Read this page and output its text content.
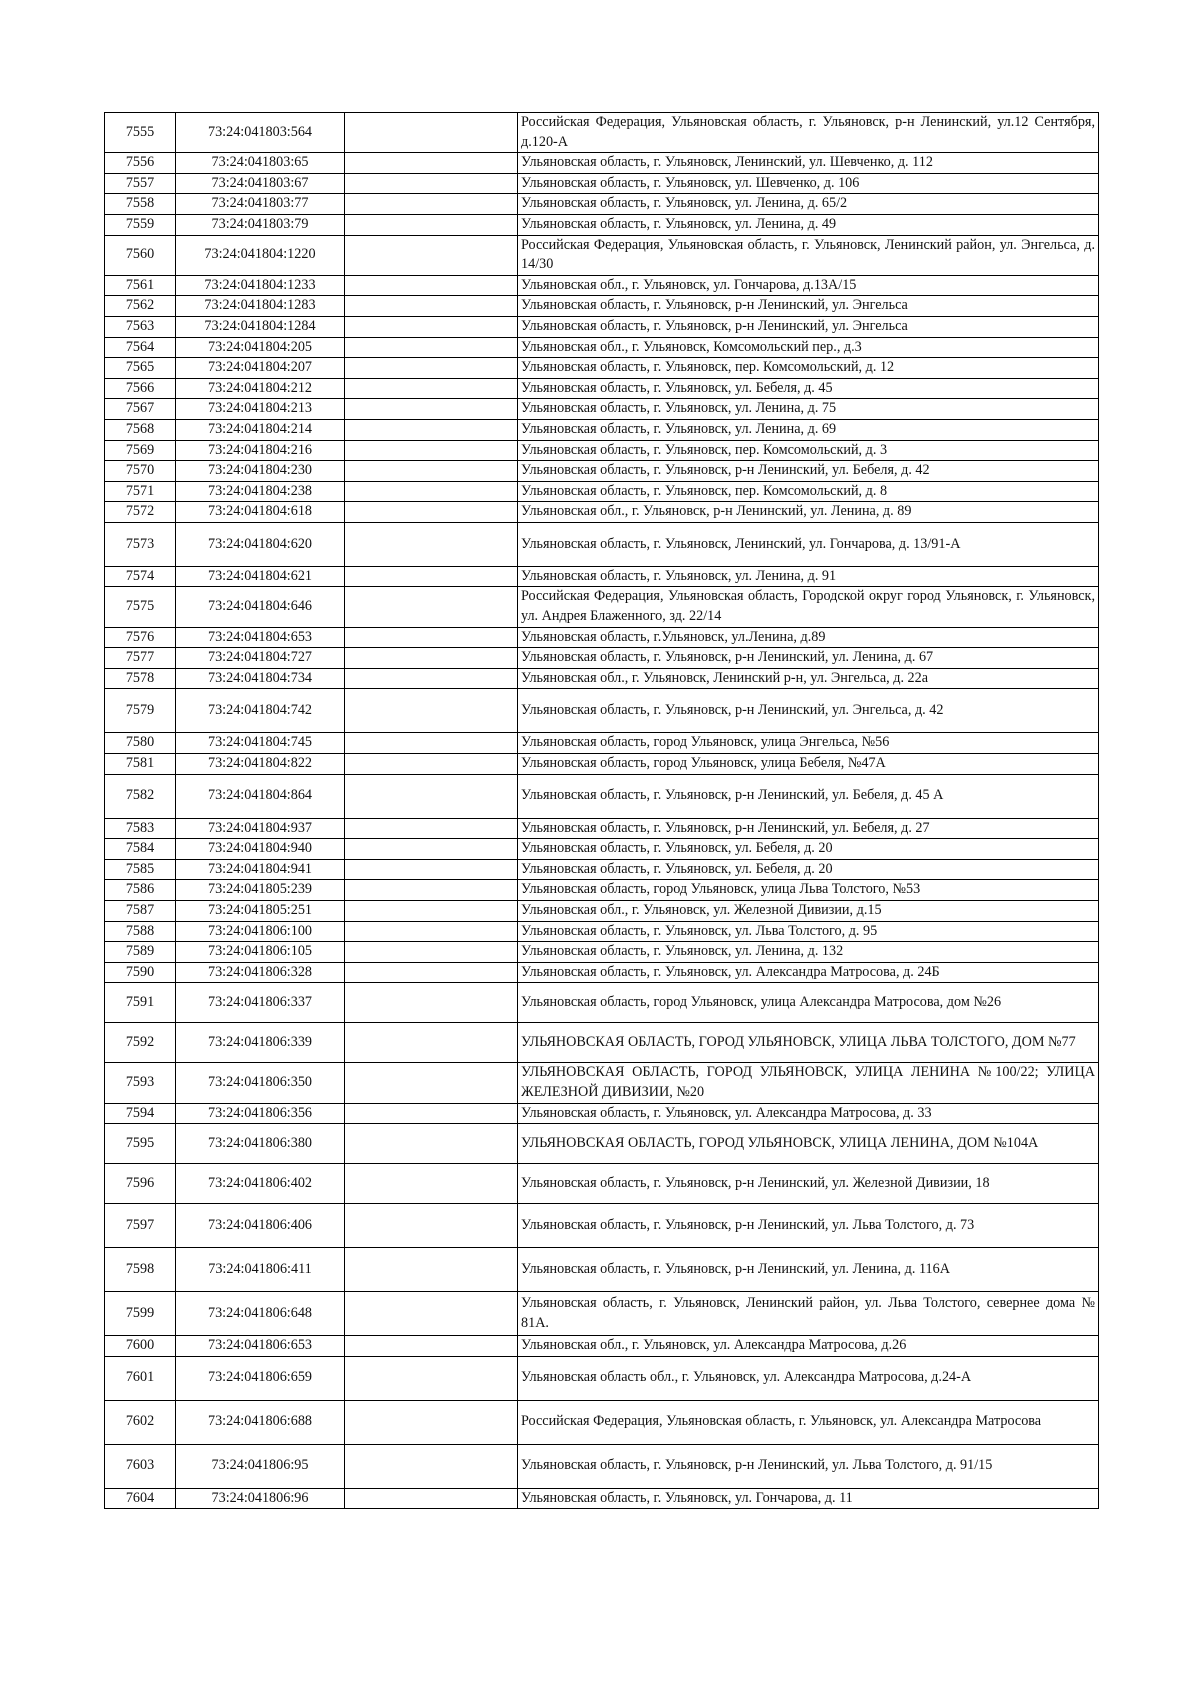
7555	73:24:041803:564		Российская Федерация, Ульяновская область, г. Ульяновск, р-н Ленинский, ул.12 Сентября, д.120-А
7556	73:24:041803:65		Ульяновская область, г. Ульяновск, Ленинский, ул. Шевченко, д. 112
7557	73:24:041803:67		Ульяновская область, г. Ульяновск, ул. Шевченко, д. 106
7558	73:24:041803:77		Ульяновская область, г. Ульяновск, ул. Ленина, д. 65/2
7559	73:24:041803:79		Ульяновская область, г. Ульяновск, ул. Ленина, д. 49
7560	73:24:041804:1220		Российская Федерация, Ульяновская область, г. Ульяновск, Ленинский район, ул. Энгельса, д. 14/30
7561	73:24:041804:1233		Ульяновская обл., г. Ульяновск, ул. Гончарова, д.13А/15
7562	73:24:041804:1283		Ульяновская область, г. Ульяновск, р-н Ленинский, ул. Энгельса
7563	73:24:041804:1284		Ульяновская область, г. Ульяновск, р-н Ленинский, ул. Энгельса
7564	73:24:041804:205		Ульяновская обл., г. Ульяновск, Комсомольский пер., д.3
7565	73:24:041804:207		Ульяновская область, г. Ульяновск, пер. Комсомольский, д. 12
7566	73:24:041804:212		Ульяновская область, г. Ульяновск, ул. Бебеля, д. 45
7567	73:24:041804:213		Ульяновская область, г. Ульяновск, ул. Ленина, д. 75
7568	73:24:041804:214		Ульяновская область, г. Ульяновск, ул. Ленина, д. 69
7569	73:24:041804:216		Ульяновская область, г. Ульяновск, пер. Комсомольский, д. 3
7570	73:24:041804:230		Ульяновская область, г. Ульяновск, р-н Ленинский, ул. Бебеля, д. 42
7571	73:24:041804:238		Ульяновская область, г. Ульяновск, пер. Комсомольский, д. 8
7572	73:24:041804:618		Ульяновская обл., г. Ульяновск, р-н Ленинский, ул. Ленина, д. 89
7573	73:24:041804:620		Ульяновская область, г. Ульяновск, Ленинский, ул. Гончарова, д. 13/91-А
7574	73:24:041804:621		Ульяновская область, г. Ульяновск, ул. Ленина, д. 91
7575	73:24:041804:646		Российская Федерация, Ульяновская область, Городской округ город Ульяновск, г. Ульяновск, ул. Андрея Блаженного, зд. 22/14
7576	73:24:041804:653		Ульяновская область, г.Ульяновск, ул.Ленина, д.89
7577	73:24:041804:727		Ульяновская область, г. Ульяновск, р-н Ленинский, ул. Ленина, д. 67
7578	73:24:041804:734		Ульяновская обл., г. Ульяновск, Ленинский р-н, ул. Энгельса, д. 22а
7579	73:24:041804:742		Ульяновская область, г. Ульяновск, р-н Ленинский, ул. Энгельса, д. 42
7580	73:24:041804:745		Ульяновская область, город Ульяновск, улица Энгельса, №56
7581	73:24:041804:822		Ульяновская область, город Ульяновск, улица Бебеля, №47А
7582	73:24:041804:864		Ульяновская область, г. Ульяновск, р-н Ленинский, ул. Бебеля, д. 45 А
7583	73:24:041804:937		Ульяновская область, г. Ульяновск, р-н Ленинский, ул. Бебеля, д. 27
7584	73:24:041804:940		Ульяновская область, г. Ульяновск, ул. Бебеля, д. 20
7585	73:24:041804:941		Ульяновская область, г. Ульяновск, ул. Бебеля, д. 20
7586	73:24:041805:239		Ульяновская область, город Ульяновск, улица Льва Толстого, №53
7587	73:24:041805:251		Ульяновская обл., г. Ульяновск, ул. Железной Дивизии, д.15
7588	73:24:041806:100		Ульяновская область, г. Ульяновск, ул. Льва Толстого, д. 95
7589	73:24:041806:105		Ульяновская область, г. Ульяновск, ул. Ленина, д. 132
7590	73:24:041806:328		Ульяновская область, г. Ульяновск, ул. Александра Матросова, д. 24Б
7591	73:24:041806:337		Ульяновская область, город Ульяновск, улица Александра Матросова, дом №26
7592	73:24:041806:339		УЛЬЯНОВСКАЯ ОБЛАСТЬ, ГОРОД УЛЬЯНОВСК, УЛИЦА ЛЬВА ТОЛСТОГО, ДОМ №77
7593	73:24:041806:350		УЛЬЯНОВСКАЯ ОБЛАСТЬ, ГОРОД УЛЬЯНОВСК, УЛИЦА ЛЕНИНА №100/22; УЛИЦА ЖЕЛЕЗНОЙ ДИВИЗИИ, №20
7594	73:24:041806:356		Ульяновская область, г. Ульяновск, ул. Александра Матросова, д. 33
7595	73:24:041806:380		УЛЬЯНОВСКАЯ ОБЛАСТЬ, ГОРОД УЛЬЯНОВСК, УЛИЦА ЛЕНИНА, ДОМ №104А
7596	73:24:041806:402		Ульяновская область, г. Ульяновск, р-н Ленинский, ул. Железной Дивизии, 18
7597	73:24:041806:406		Ульяновская область, г. Ульяновск, р-н Ленинский, ул. Льва Толстого, д. 73
7598	73:24:041806:411		Ульяновская область, г. Ульяновск, р-н Ленинский, ул. Ленина, д. 116А
7599	73:24:041806:648		Ульяновская область, г. Ульяновск, Ленинский район, ул. Льва Толстого, севернее дома № 81А.
7600	73:24:041806:653		Ульяновская обл., г. Ульяновск, ул. Александра Матросова, д.26
7601	73:24:041806:659		Ульяновская область обл., г. Ульяновск, ул. Александра Матросова, д.24-А
7602	73:24:041806:688		Российская Федерация, Ульяновская область, г. Ульяновск, ул. Александра Матросова
7603	73:24:041806:95		Ульяновская область, г. Ульяновск, р-н Ленинский, ул. Льва Толстого, д. 91/15
7604	73:24:041806:96		Ульяновская область, г. Ульяновск, ул. Гончарова, д. 11
